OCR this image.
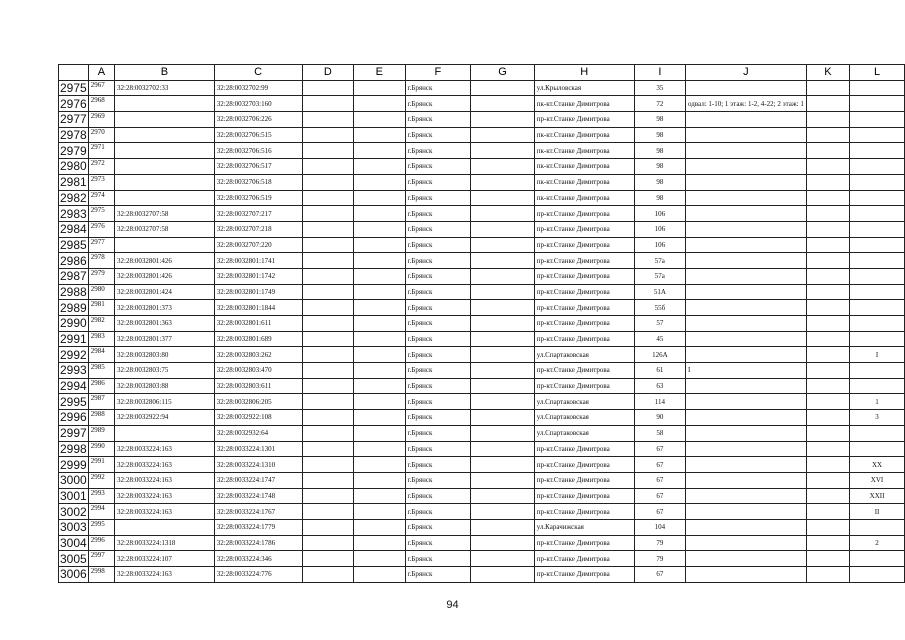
	A	B	C	D	E	F	G	H	I	J	K	L
2975	2967	32:28:0032702:33	32:28:0032702:99			г.Брянск		ул.Крыловская	35			
2976	2968		32:28:0032703:160			г.Брянск		пк-кт.Станке Димитрова	72	одвал: 1-10; 1 этаж: 1-2, 4-22; 2 этаж: 1		
2977	2969		32:28:0032706:226			г.Брянск		пр-кт.Станке Димитрова	98			
2978	2970		32:28:0032706:515			г.Брянск		пк-кт.Станке Димитрова	98			
2979	2971		32:28:0032706:516			г.Брянск		пк-кт.Станке Димитрова	98			
2980	2972		32:28:0032706:517			г.Брянск		пк-кт.Станке Димитрова	98			
2981	2973		32:28:0032706:518			г.Брянск		пк-кт.Станке Димитрова	98			
2982	2974		32:28:0032706:519			г.Брянск		пк-кт.Станке Димитрова	98			
2983	2975	32:28:0032707:58	32:28:0032707:217			г.Брянск		пр-кт.Станке Димитрова	106			
2984	2976	32:28:0032707:58	32:28:0032707:218			г.Брянск		пр-кт.Станке Димитрова	106			
2985	2977		32:28:0032707:220			г.Брянск		пр-кт.Станке Димитрова	106			
2986	2978	32:28:0032801:426	32:28:0032801:1741			г.Брянск		пр-кт.Станке Димитрова	57а			
2987	2979	32:28:0032801:426	32:28:0032801:1742			г.Брянск		пр-кт.Станке Димитрова	57а			
2988	2980	32:28:0032801:424	32:28:0032801:1749			г.Брянск		пр-кт.Станке Димитрова	51А			
2989	2981	32:28:0032801:373	32:28:0032801:1844			г.Брянск		пр-кт.Станке Димитрова	55б			
2990	2982	32:28:0032801:363	32:28:0032801:611			г.Брянск		пр-кт.Станке Димитрова	57			
2991	2983	32:28:0032801:377	32:28:0032801:689			г.Брянск		пр-кт.Станке Димитрова	45			
2992	2984	32:28:0032803:80	32:28:0032803:262			г.Брянск		ул.Спартаковская	126А			I
2993	2985	32:28:0032803:75	32:28:0032803:470			г.Брянск		пр-кт.Станке Димитрова	61	I		
2994	2986	32:28:0032803:88	32:28:0032803:611			г.Брянск		пр-кт.Станке Димитрова	63			
2995	2987	32:28:0032806:115	32:28:0032806:205			г.Брянск		ул.Спартаковская	114			1
2996	2988	32:28:0032922:94	32:28:0032922:108			г.Брянск		ул.Спартаковская	90			3
2997	2989		32:28:0032932:64			г.Брянск		ул.Спартаковская	58			
2998	2990	32:28:0033224:163	32:28:0033224:1301			г.Брянск		пр-кт.Станке Димитрова	67			
2999	2991	32:28:0033224:163	32:28:0033224:1310			г.Брянск		пр-кт.Станке Димитрова	67			XX
3000	2992	32:28:0033224:163	32:28:0033224:1747			г.Брянск		пр-кт.Станке Димитрова	67			XVI
3001	2993	32:28:0033224:163	32:28:0033224:1748			г.Брянск		пр-кт.Станке Димитрова	67			XXII
3002	2994	32:28:0033224:163	32:28:0033224:1767			г.Брянск		пр-кт.Станке Димитрова	67			II
3003	2995		32:28:0033224:1779			г.Брянск		ул.Карачижская	104			
3004	2996	32:28:0033224:1318	32:28:0033224:1786			г.Брянск		пр-кт.Станке Димитрова	79			2
3005	2997	32:28:0033224:107	32:28:0033224:346			г.Брянск		пр-кт.Станке Димитрова	79			
3006	2998	32:28:0033224:163	32:28:0033224:776			г.Брянск		пр-кт.Станке Димитрова	67			
94
